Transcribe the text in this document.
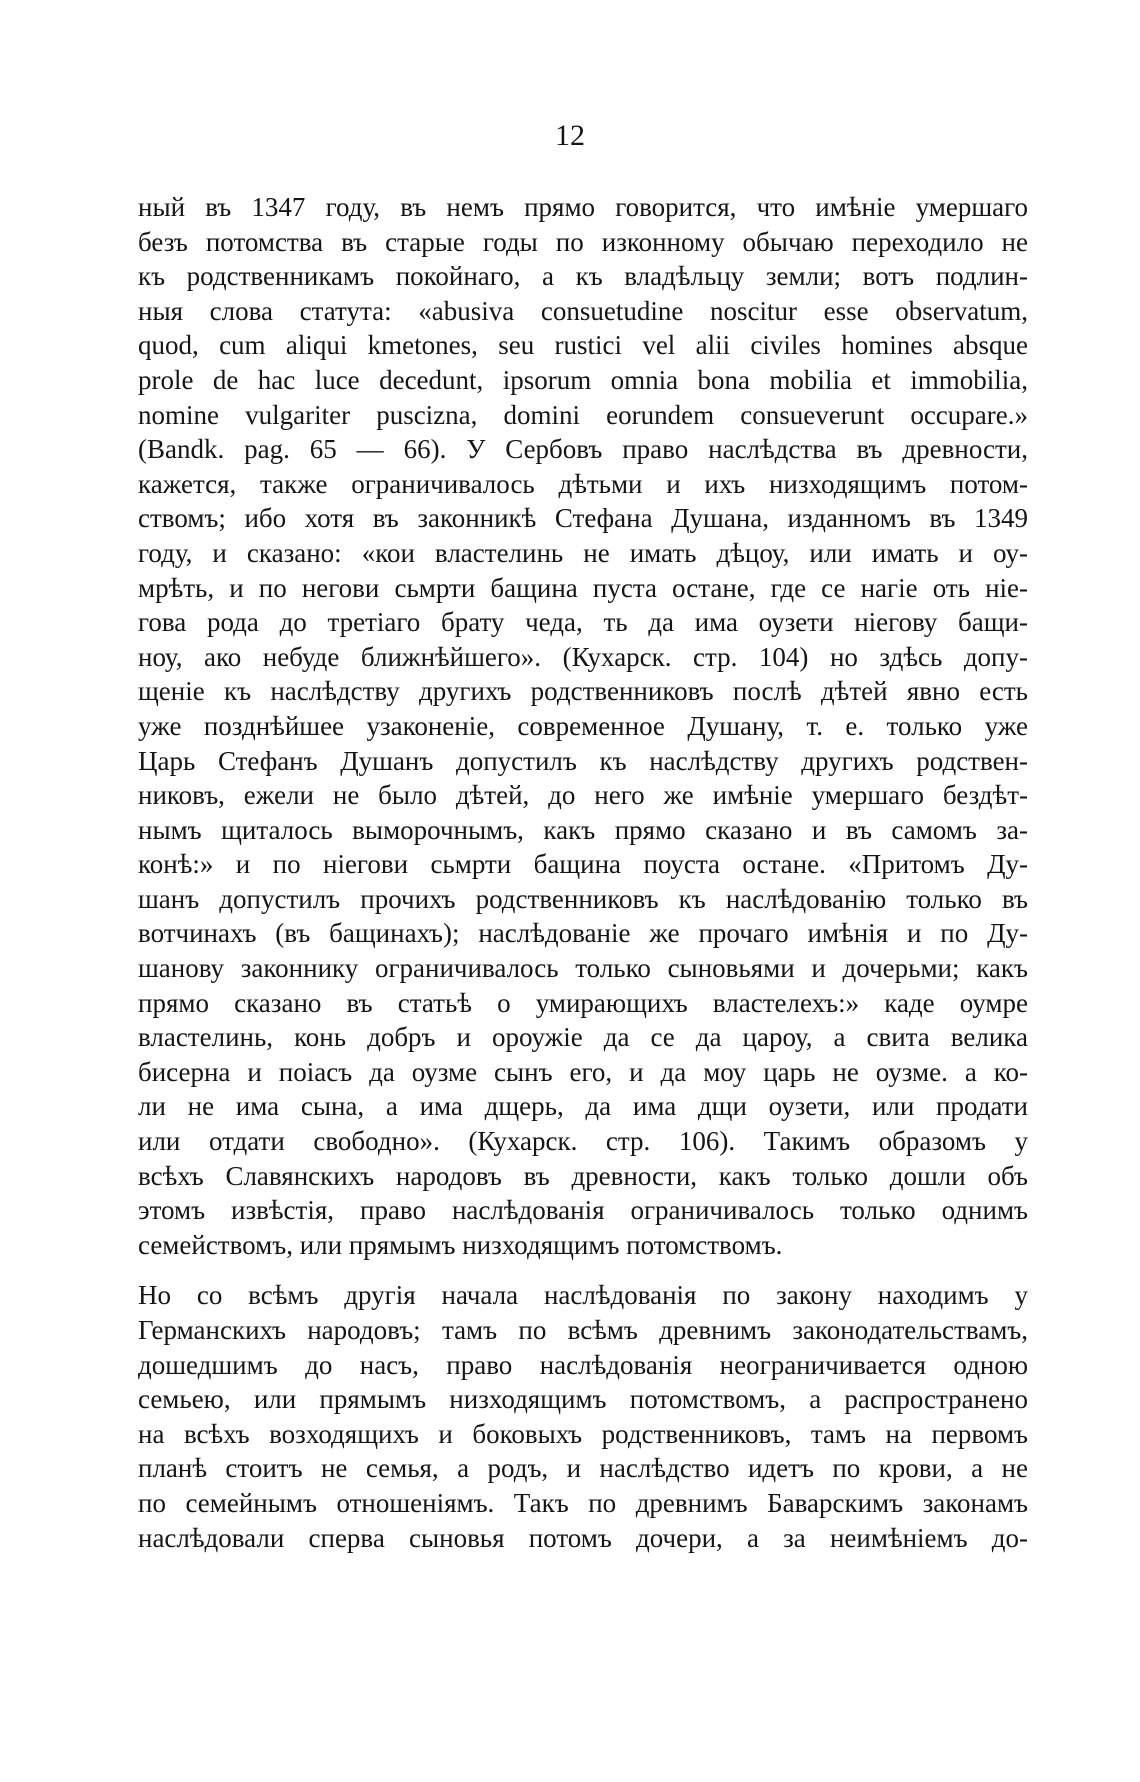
12
ный въ 1347 году, въ немъ прямо говорится, что имѣніе умершаго
безъ потомства въ старые годы по изконному обычаю переходило не
къ родственникамъ покойнаго, а къ владѣльцу земли; вотъ подлин-
ныя слова статута: «abusiva consuetudine noscitur esse observatum,
quod, cum aliqui kmetones, seu rustici vel alii civiles homines absque
prole de hac luce decedunt, ipsorum omnia bona mobilia et immobilia,
nomine vulgariter puscizna, domini eorundem consueverunt occupare.»
(Bandk. pag. 65 — 66). У Сербовъ право наслѣдства въ древности,
кажется, также ограничивалось дѣтьми и ихъ низходящимъ потом-
ствомъ; ибо хотя въ законникѣ Стефана Душана, изданномъ въ 1349
году, и сказано: «кои властелинь не имать дѣцоу, или имать и оу-
мрѣть, и по негови сьмрти бащина пуста остане, где се нагіе оть ніе-
гова рода до третіаго брату чеда, ть да има оузети ніегову бащи-
ноу, ако небуде ближнѣйшего». (Кухарск. стр. 104) но здѣсь допу-
щеніе къ наслѣдству другихъ родственниковъ послѣ дѣтей явно есть
уже позднѣйшее узаконеніе, современное Душану, т. е. только уже
Царь Стефанъ Душанъ допустилъ къ наслѣдству другихъ родствен-
никовъ, ежели не было дѣтей, до него же имѣніе умершаго бездѣт-
нымъ щиталось выморочнымъ, какъ прямо сказано и въ самомъ за-
конѣ:» и по ніегови сьмрти бащина поуста остане. «Притомъ Ду-
шанъ допустилъ прочихъ родственниковъ къ наслѣдованію только въ
вотчинахъ (въ бащинахъ); наслѣдованіе же прочаго имѣнія и по Ду-
шанову законнику ограничивалось только сыновьями и дочерьми; какъ
прямо сказано въ статьѣ о умирающихъ властелехъ:» каде оумре
властелинь, конь добръ и ороужіе да се да цароу, а свита велика
бисерна и поіасъ да оузме сынъ его, и да моу царь не оузме. а ко-
ли не има сына, а има дщерь, да има дщи оузети, или продати
или отдати свободно». (Кухарск. стр. 106). Такимъ образомъ у
всѣхъ Славянскихъ народовъ въ древности, какъ только дошли объ
этомъ извѣстія, право наслѣдованія ограничивалось только однимъ
семействомъ, или прямымъ низходящимъ потомствомъ.
Но со всѣмъ другія начала наслѣдованія по закону находимъ у
Германскихъ народовъ; тамъ по всѣмъ древнимъ законодательствамъ,
дошедшимъ до насъ, право наслѣдованія неограничивается одною
семьею, или прямымъ низходящимъ потомствомъ, а распространено
на всѣхъ возходящихъ и боковыхъ родственниковъ, тамъ на первомъ
планѣ стоитъ не семья, а родъ, и наслѣдство идетъ по крови, а не
по семейнымъ отношеніямъ. Такъ по древнимъ Баварскимъ законамъ
наслѣдовали сперва сыновья потомъ дочери, а за неимѣніемъ до-
